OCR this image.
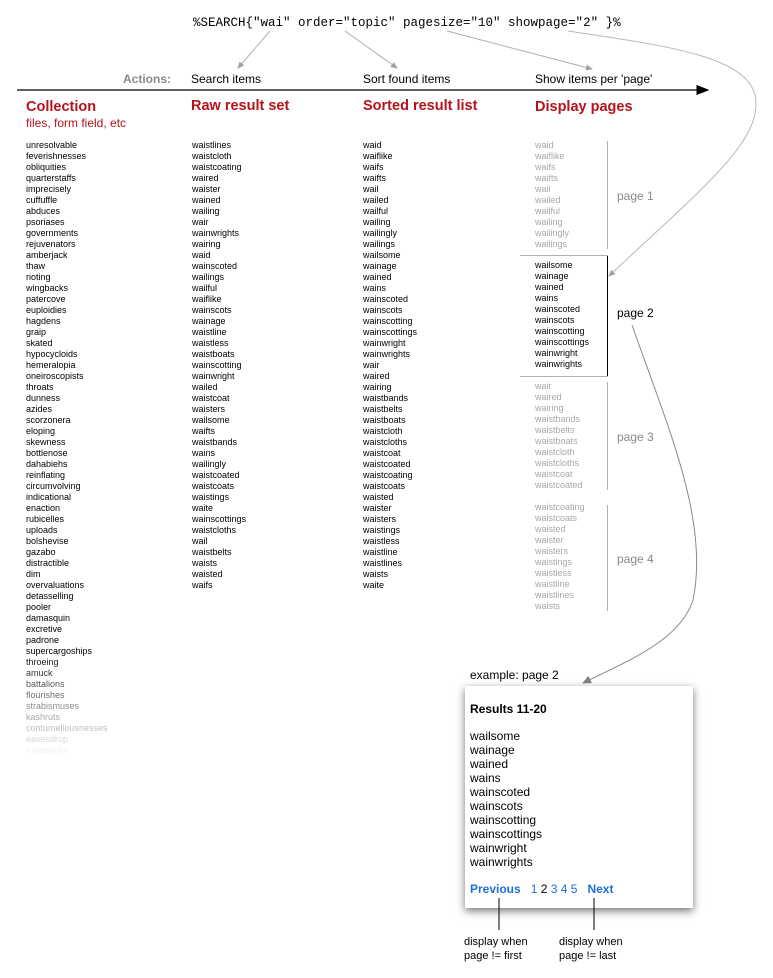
%SEARCH{"wai" order="topic" pagesize="10" showpage="2" }%
Actions: Search items	Sort found items	Show items per 'page'
Collection
files, form field, etc
Raw result set	Sorted result list	Display pages
unresolvable
feverishnesses
obliquities
quarterstaffs
imprecisely
cuffuffle
abduces
psoriases
governments
rejuvenators
amberjack
thaw
rioting
wingbacks
patercove
euploidies
hagdens
graip
skated
hypocycloids
hemeralopia
oneiroscopists
throats
dunness
azides
scorzonera
eloping
skewness
bottlenose
dahabiehs
reinflating
circumvolving
indicational
enaction
rubicelles
uploads
bolshevise
gazabo
distractible
dim
overvaluations
detasselling
pooler
damasquin
excretive
padrone
supercargoships
throeing
amuck
battalions
flourishes
strabismuses
kashruts
contumeliousnesses
eavesdrop
triweeklies
waistlines
waistcloth
waistcoating
waired
waister
wained
wailing
wair
wainwrights
wairing
waid
wainscoted
wailings
wailful
waiflike
wainscots
wainage
waistline
waistless
waistboats
wainscotting
wainwright
wailed
waistcoat
waisters
wailsome
waifts
waistbands
wains
wailingly
waistcoated
waistcoats
waistings
waite
wainscottings
waistcloths
wail
waistbelts
waists
waisted
waifs
waid
waiflike
waifs
waifts
wail
wailed
wailful
wailing
wailingly
wailings
wailsome
wainage
wained
wains
wainscoted
wainscots
wainscotting
wainscottings
wainwright
wainwrights
wair
waired
wairing
waistbands
waistbelts
waistboats
waistcloth
waistcloths
waistcoat
waistcoated
waistcoating
waistcoats
waisted
waister
waisters
waistings
waistless
waistline
waistlines
waists
waite
waid
waiflike
waifs
waifts
wail
wailed
wailful
wailing
wailingly
wailings
page 1
wailsome
wainage
wained
wains
wainscoted
wainscots
wainscotting
wainscottings
wainwright
wainwrights
page 2
wair
waired
wairing
waistbands
waistbelts
waistboats
waistcloth
waistcloths
waistcoat
waistcoated
page 3
waistcoating
waistcoats
waisted
waister
waisters
waistings
waistless
waistline
waistlines
waists
page 4
example: page 2
Results 11-20
wailsome
wainage
wained
wains
wainscoted
wainscots
wainscotting
wainscottings
wainwright
wainwrights
Previous 1 2 3 4 5   Next
display when
page != first
display when
page != last
